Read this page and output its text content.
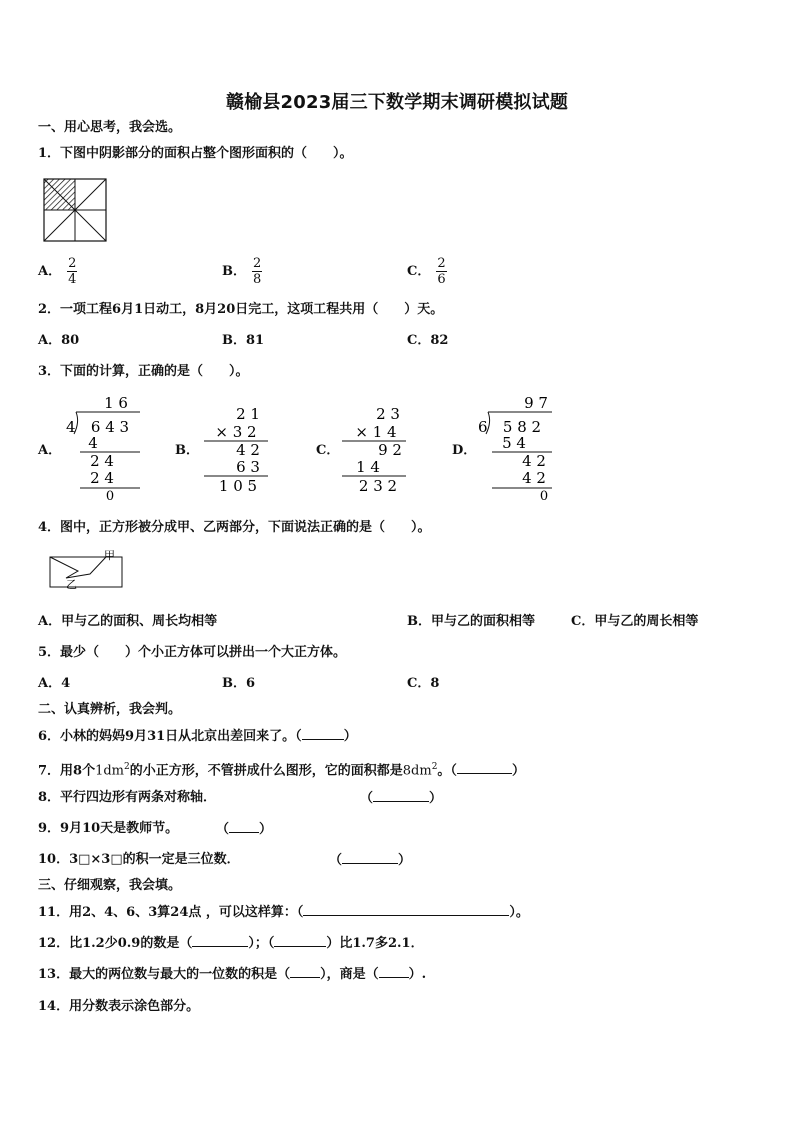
赣榆县2023届三下数学期末调研模拟试题
一、用心思考，我会选。
1．下图中阴影部分的面积占整个图形面积的（　　）。
A． $\frac{2}{4}$	B． $\frac{2}{8}$	C． $\frac{2}{6}$
2．一项工程6月1日动工，8月20日完工，这项工程共用（　　）天。
A．80	B．81	C．82
3．下面的计算，正确的是（　　）。
A．
1 6
4 6 4 3
4
2 4
2 4
0
B．
2 1
× 3 2
4 2
6 3
1 0 5
C．
2 3
× 1 4
9 2
1 4
2 3 2
D．
9 7
6 5 8 2
5 4
4 2
4 2
0
4．图中，正方形被分成甲、乙两部分，下面说法正确的是（　　）。
甲
乙
A．甲与乙的面积、周长均相等	B．甲与乙的面积相等	C．甲与乙的周长相等
5．最少（　　）个小正方体可以拼出一个大正方体。
A．4	B．6	C．8
二、认真辨析，我会判。
6．小林的妈妈9月31日从北京出差回来了。（	）
7．用8个$1dm^2$的小正方形，不管拼成什么图形，它的面积都是$8dm^2$。（	）
8．平行四边形有两条对称轴．	（	）
9．9月10天是教师节。	（ ）
10．3□×3□的积一定是三位数．	（	）
三、仔细观察，我会填。
11．用2、4、6、3算24点 ，可以这样算：（	）。
12．比1.2少0.9的数是（	）；（	）比1.7多2.1．
13．最大的两位数与最大的一位数的积是（ ），商是（ ）.
14．用分数表示涂色部分。
